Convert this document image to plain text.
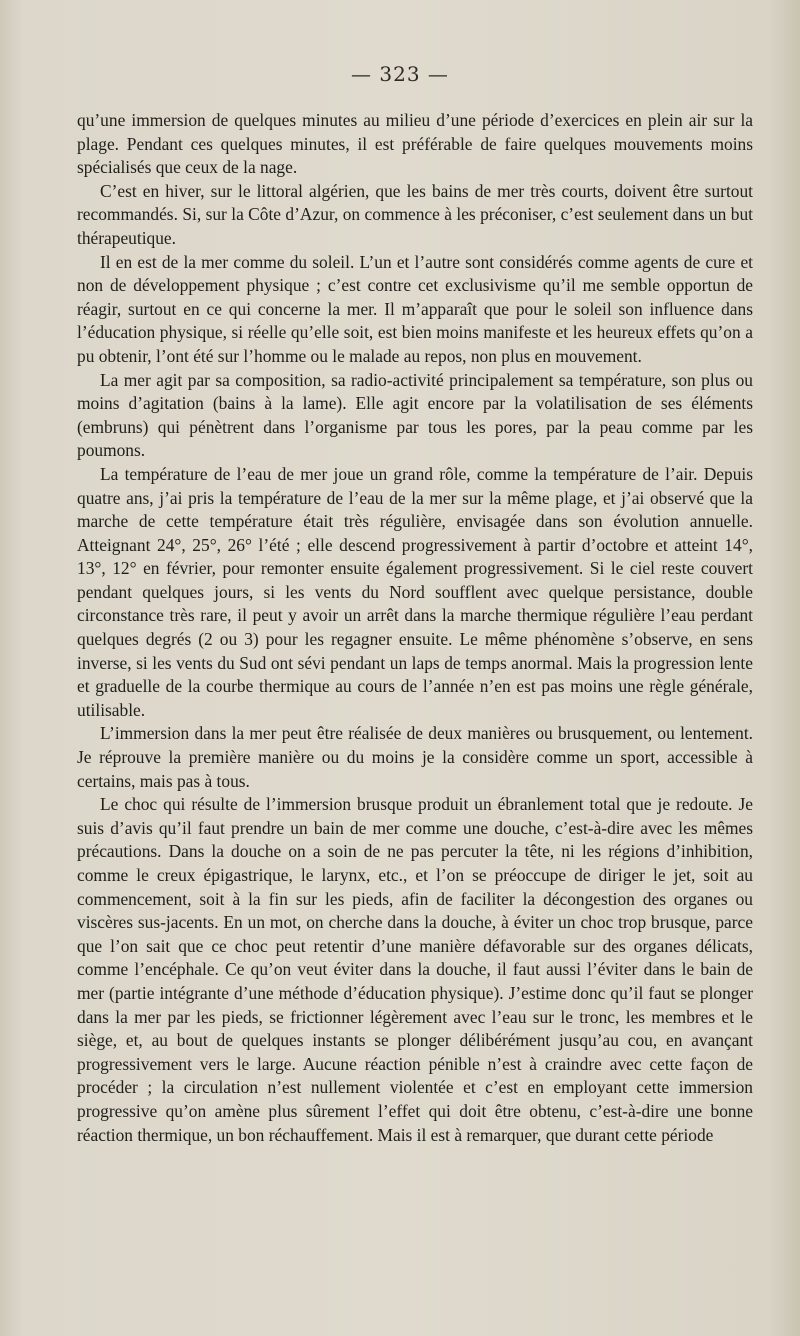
— 323 —

qu’une immersion de quelques minutes au milieu d’une période d’exercices en plein air sur la plage. Pendant ces quelques minutes, il est préférable de faire quelques mouvements moins spécialisés que ceux de la nage.

C’est en hiver, sur le littoral algérien, que les bains de mer très courts, doivent être surtout recommandés. Si, sur la Côte d’Azur, on commence à les préconiser, c’est seulement dans un but thérapeutique.

Il en est de la mer comme du soleil. L’un et l’autre sont considérés comme agents de cure et non de développement physique ; c’est contre cet exclusivisme qu’il me semble opportun de réagir, surtout en ce qui concerne la mer. Il m’apparaît que pour le soleil son influence dans l’éducation physique, si réelle qu’elle soit, est bien moins manifeste et les heureux effets qu’on a pu obtenir, l’ont été sur l’homme ou le malade au repos, non plus en mouvement.

La mer agit par sa composition, sa radio-activité principalement sa température, son plus ou moins d’agitation (bains à la lame). Elle agit encore par la volatilisation de ses éléments (embruns) qui pénètrent dans l’organisme par tous les pores, par la peau comme par les poumons.

La température de l’eau de mer joue un grand rôle, comme la température de l’air. Depuis quatre ans, j’ai pris la température de l’eau de la mer sur la même plage, et j’ai observé que la marche de cette température était très régulière, envisagée dans son évolution annuelle. Atteignant 24°, 25°, 26° l’été ; elle descend progressivement à partir d’octobre et atteint 14°, 13°, 12° en février, pour remonter ensuite également progressivement. Si le ciel reste couvert pendant quelques jours, si les vents du Nord soufflent avec quelque persistance, double circonstance très rare, il peut y avoir un arrêt dans la marche thermique régulière l’eau perdant quelques degrés (2 ou 3) pour les regagner ensuite. Le même phénomène s’observe, en sens inverse, si les vents du Sud ont sévi pendant un laps de temps anormal. Mais la progression lente et graduelle de la courbe thermique au cours de l’année n’en est pas moins une règle générale, utilisable.

L’immersion dans la mer peut être réalisée de deux manières ou brusquement, ou lentement. Je réprouve la première manière ou du moins je la considère comme un sport, accessible à certains, mais pas à tous.

Le choc qui résulte de l’immersion brusque produit un ébranlement total que je redoute. Je suis d’avis qu’il faut prendre un bain de mer comme une douche, c’est-à-dire avec les mêmes précautions. Dans la douche on a soin de ne pas percuter la tête, ni les régions d’inhibition, comme le creux épigastrique, le larynx, etc., et l’on se préoccupe de diriger le jet, soit au commencement, soit à la fin sur les pieds, afin de faciliter la décongestion des organes ou viscères sus-jacents. En un mot, on cherche dans la douche, à éviter un choc trop brusque, parce que l’on sait que ce choc peut retentir d’une manière défavorable sur des organes délicats, comme l’encéphale. Ce qu’on veut éviter dans la douche, il faut aussi l’éviter dans le bain de mer (partie intégrante d’une méthode d’éducation physique). J’estime donc qu’il faut se plonger dans la mer par les pieds, se frictionner légèrement avec l’eau sur le tronc, les membres et le siège, et, au bout de quelques instants se plonger délibérément jusqu’au cou, en avançant progressivement vers le large. Aucune réaction pénible n’est à craindre avec cette façon de procéder ; la circulation n’est nullement violentée et c’est en employant cette immersion progressive qu’on amène plus sûrement l’effet qui doit être obtenu, c’est-à-dire une bonne réaction thermique, un bon réchauffement. Mais il est à remarquer, que durant cette période
